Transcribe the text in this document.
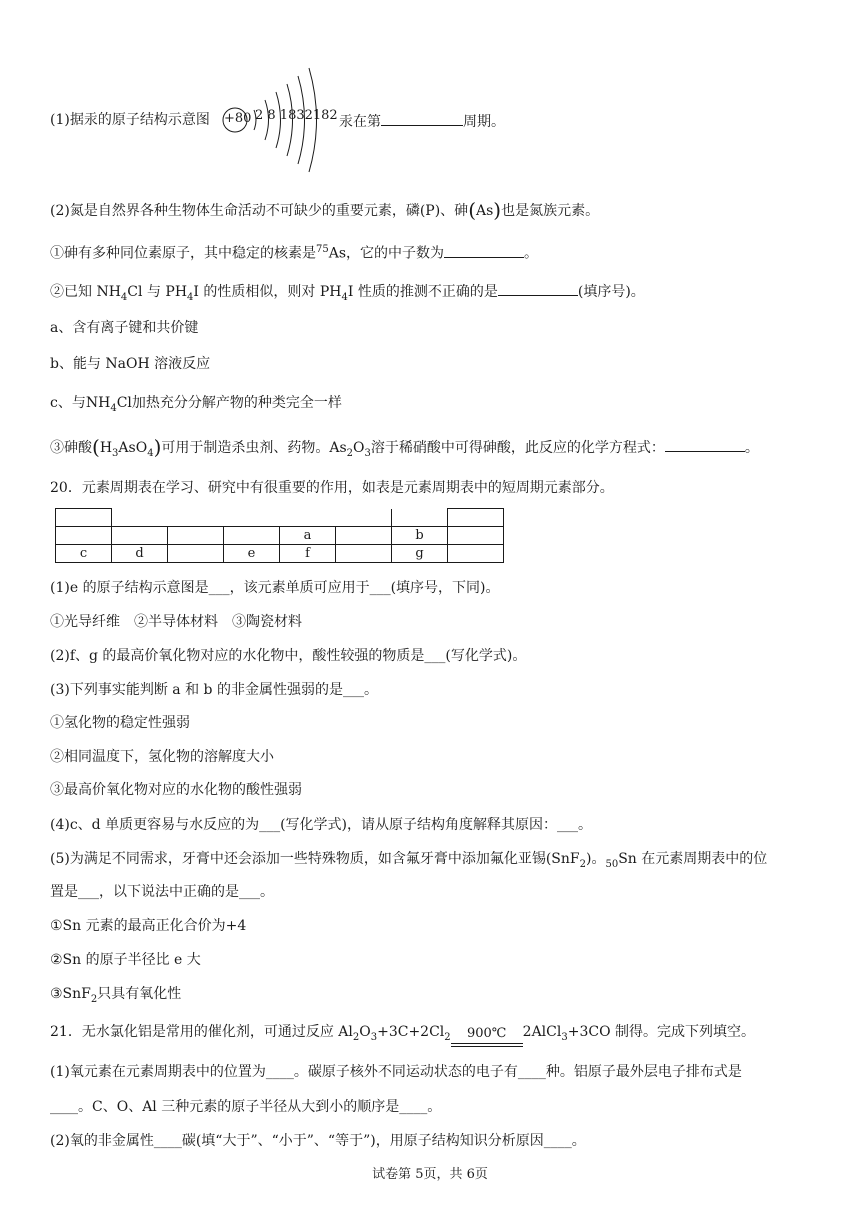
(1)据汞的原子结构示意图 +80 2 8 1832182 汞在第	周期。
(2)氮是自然界各种生物体生命活动不可缺少的重要元素，磷(P)、砷(As)也是氮族元素。
①砷有多种同位素原子，其中稳定的核素是$^{75}$As，它的中子数为	。
②已知 $NH_4Cl$ 与 $PH_4I$ 的性质相似，则对 $PH_4I$ 性质的推测不正确的是	(填序号)。
a、含有离子键和共价键
b、能与 NaOH 溶液反应
c、与$NH_4Cl$加热充分分解产物的种类完全一样
③砷酸$(H_3AsO_4)$可用于制造杀虫剂、药物。$As_2O_3$溶于稀硝酸中可得砷酸，此反应的化学方程式：	。
20．元素周期表在学习、研究中有很重要的作用，如表是元素周期表中的短周期元素部分。

				a		b	
c	d		e	f		g	
(1)e 的原子结构示意图是___，该元素单质可应用于___(填序号，下同)。
①光导纤维　②半导体材料　③陶瓷材料
(2)f、g 的最高价氧化物对应的水化物中，酸性较强的物质是___(写化学式)。
(3)下列事实能判断 a 和 b 的非金属性强弱的是___。
①氢化物的稳定性强弱
②相同温度下，氢化物的溶解度大小
③最高价氧化物对应的水化物的酸性强弱
(4)c、d 单质更容易与水反应的为___(写化学式)，请从原子结构角度解释其原因：___。
(5)为满足不同需求，牙膏中还会添加一些特殊物质，如含氟牙膏中添加氟化亚锡(SnF$_2$)。$_{50}$Sn 在元素周期表中的位
置是___，以下说法中正确的是___。
①Sn 元素的最高正化合价为+4
②Sn 的原子半径比 e 大
③SnF$_2$只具有氧化性
21．无水氯化铝是常用的催化剂，可通过反应 $Al_2O_3+3C+2Cl_2$	900℃	2AlCl$_3$+3CO 制得。完成下列填空。
(1)氧元素在元素周期表中的位置为____。碳原子核外不同运动状态的电子有____种。铝原子最外层电子排布式是
____。C、O、Al 三种元素的原子半径从大到小的顺序是____。
(2)氧的非金属性____碳(填“大于”、“小于”、“等于”)，用原子结构知识分析原因____。
试卷第 5页，共 6页
